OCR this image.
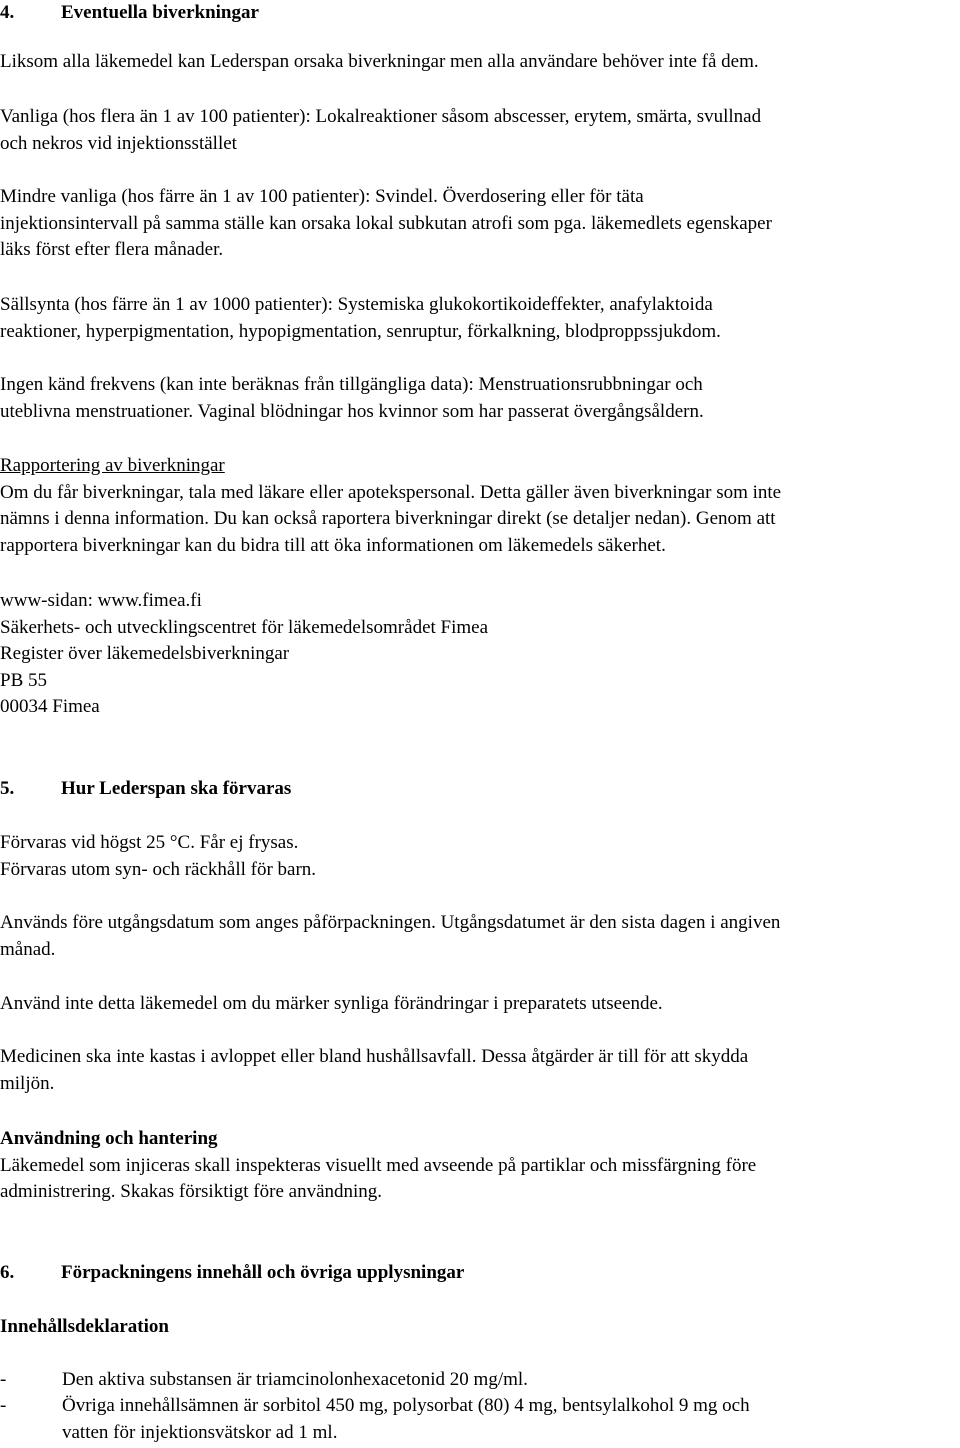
4. Eventuella biverkningar
Liksom alla läkemedel kan Lederspan orsaka biverkningar men alla användare behöver inte få dem.
Vanliga (hos flera än 1 av 100 patienter): Lokalreaktioner såsom abscesser, erytem, smärta, svullnad
och nekros vid injektionsstället
Mindre vanliga (hos färre än 1 av 100 patienter): Svindel. Överdosering eller för täta
injektionsintervall på samma ställe kan orsaka lokal subkutan atrofi som pga. läkemedlets egenskaper
läks först efter flera månader.
Sällsynta (hos färre än 1 av 1000 patienter): Systemiska glukokortikoideffekter, anafylaktoida
reaktioner, hyperpigmentation, hypopigmentation, senruptur, förkalkning, blodproppssjukdom.
Ingen känd frekvens (kan inte beräknas från tillgängliga data): Menstruationsrubbningar och
uteblivna menstruationer. Vaginal blödningar hos kvinnor som har passerat övergångsåldern.
Rapportering av biverkningar
Om du får biverkningar, tala med läkare eller apotekspersonal. Detta gäller även biverkningar som inte
nämns i denna information. Du kan också raportera biverkningar direkt (se detaljer nedan). Genom att
rapportera biverkningar kan du bidra till att öka informationen om läkemedels säkerhet.
www-sidan: www.fimea.fi
Säkerhets- och utvecklingscentret för läkemedelsområdet Fimea
Register över läkemedelsbiverkningar
PB 55
00034 Fimea
5. Hur Lederspan ska förvaras
Förvaras vid högst 25 °C. Får ej frysas.
Förvaras utom syn- och räckhåll för barn.
Används före utgångsdatum som anges påförpackningen. Utgångsdatumet är den sista dagen i angiven
månad.
Använd inte detta läkemedel om du märker synliga förändringar i preparatets utseende.
Medicinen ska inte kastas i avloppet eller bland hushållsavfall. Dessa åtgärder är till för att skydda
miljön.
Användning och hantering
Läkemedel som injiceras skall inspekteras visuellt med avseende på partiklar och missfärgning före
administrering. Skakas försiktigt före användning.
6. Förpackningens innehåll och övriga upplysningar
Innehållsdeklaration
-	Den aktiva substansen är triamcinolonhexacetonid 20 mg/ml.
-	Övriga innehållsämnen är sorbitol 450 mg, polysorbat (80) 4 mg, bentsylalkohol 9 mg och
vatten för injektionsvätskor ad 1 ml.
